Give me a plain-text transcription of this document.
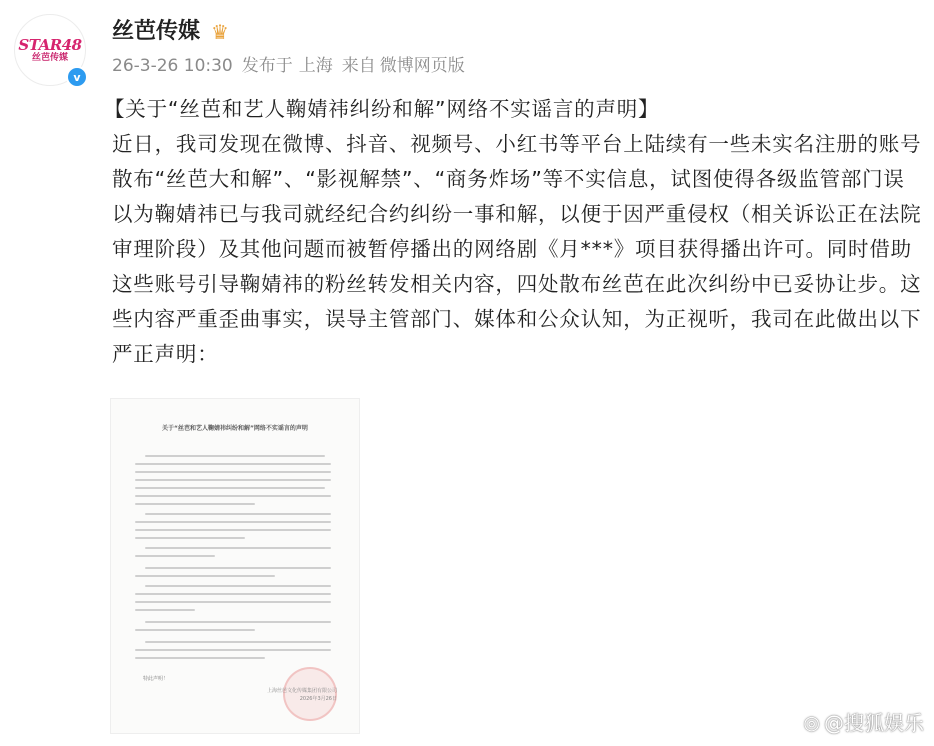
STAR48
丝芭传媒
v
丝芭传媒 ♛
26-3-26 10:30 发布于 上海 来自 微博网页版

【关于“丝芭和艺人鞠婧祎纠纷和解”网络不实谣言的声明】

近日，我司发现在微博、抖音、视频号、小红书等平台上陆续有一些未实名注册的账号散布“丝芭大和解”、“影视解禁”、“商务炸场”等不实信息，试图使得各级监管部门误以为鞠婧祎已与我司就经纪合约纠纷一事和解，以便于因严重侵权（相关诉讼正在法院审理阶段）及其他问题而被暂停播出的网络剧《月***》项目获得播出许可。同时借助这些账号引导鞠婧祎的粉丝转发相关内容，四处散布丝芭在此次纠纷中已妥协让步。这些内容严重歪曲事实，误导主管部门、媒体和公众认知，为正视听，我司在此做出以下严正声明：

关于“丝芭和艺人鞠婧祎纠纷和解”网络不实谣言的声明
上海丝芭文化传媒集团有限公司
2026年3月26日
特此声明！
◎ @搜狐娱乐
